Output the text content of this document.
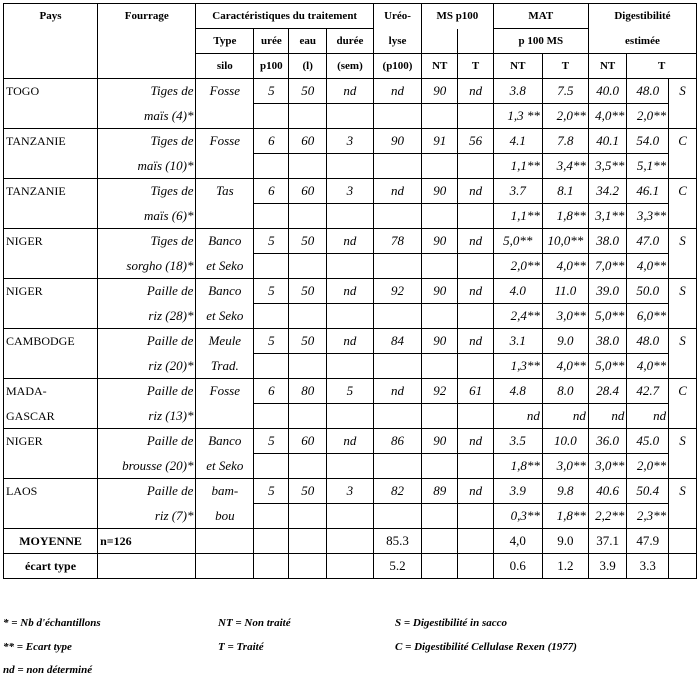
Pays	Fourrage	Caractéristiques du traitement				Uréo-	MS p100		MAT		Digestibilité		
		Type	urée	eau	durée	lyse			p 100 MS		estimée		
		silo	p100	(l)	(sem)	(p100)	NT	T	NT	T	NT	T	
TOGO	Tiges de	Fosse	5	50	nd	nd	90	nd	3.8	7.5	40.0	48.0	S
	maïs (4)*								1,3 **	2,0**	4,0**	2,0**	
TANZANIE	Tiges de	Fosse	6	60	3	90	91	56	4.1	7.8	40.1	54.0	C
	maïs (10)*								1,1**	3,4**	3,5**	5,1**	
TANZANIE	Tiges de	Tas	6	60	3	nd	90	nd	3.7	8.1	34.2	46.1	C
	maïs (6)*								1,1**	1,8**	3,1**	3,3**	
NIGER	Tiges de	Banco	5	50	nd	78	90	nd	5,0**	10,0**	38.0	47.0	S
	sorgho (18)*	et Seko							2,0**	4,0**	7,0**	4,0**	
NIGER	Paille de	Banco	5	50	nd	92	90	nd	4.0	11.0	39.0	50.0	S
	riz (28)*	et Seko							2,4**	3,0**	5,0**	6,0**	
CAMBODGE	Paille de	Meule	5	50	nd	84	90	nd	3.1	9.0	38.0	48.0	S
	riz (20)*	Trad.							1,3**	4,0**	5,0**	4,0**	
MADA-	Paille de	Fosse	6	80	5	nd	92	61	4.8	8.0	28.4	42.7	C
GASCAR	riz (13)*								nd	nd	nd	nd	
NIGER	Paille de	Banco	5	60	nd	86	90	nd	3.5	10.0	36.0	45.0	S
	brousse (20)*	et Seko							1,8**	3,0**	3,0**	2,0**	
LAOS	Paille de	bam-	5	50	3	82	89	nd	3.9	9.8	40.6	50.4	S
	riz (7)*	bou							0,3**	1,8**	2,2**	2,3**	
MOYENNE	n=126					85.3			4,0	9.0	37.1	47.9	
écart type						5.2			0.6	1.2	3.9	3.3	
* = Nb d'échantillons	NT = Non traité	S = Digestibilité in sacco
** = Ecart type	T = Traité	C = Digestibilité Cellulase Rexen (1977)
nd = non déterminé
